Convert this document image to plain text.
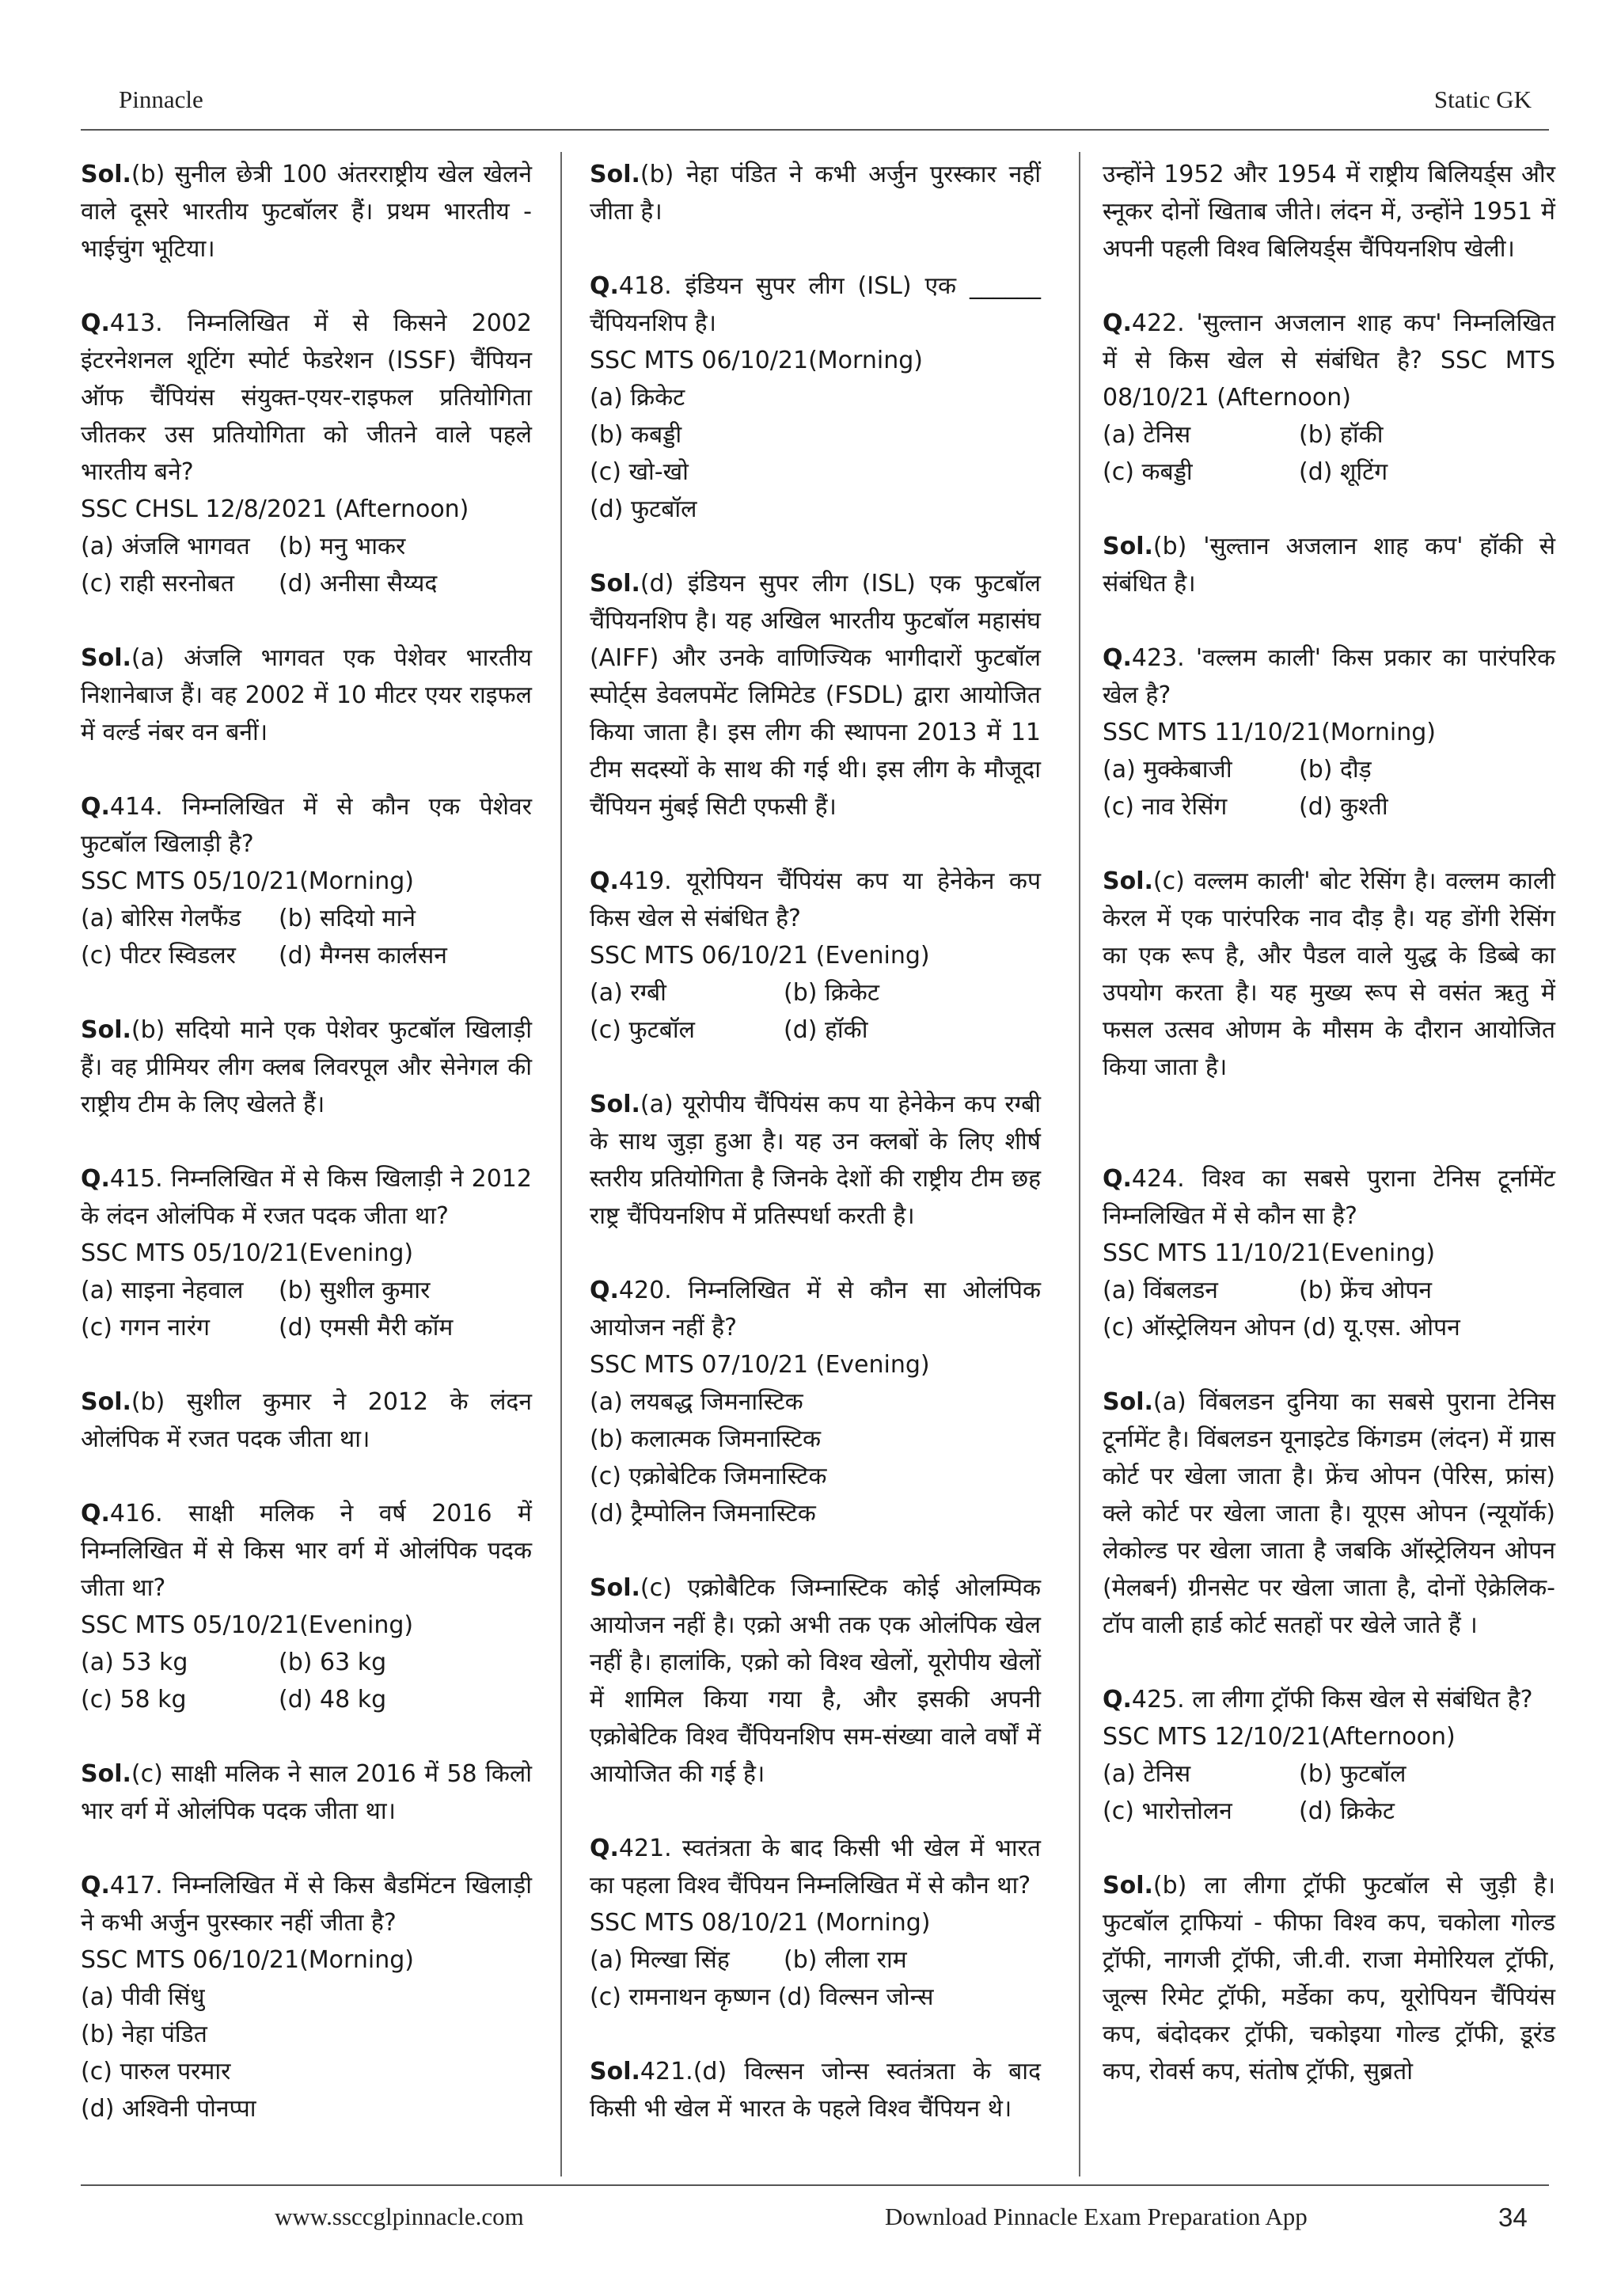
Pinnacle	Static GK
Sol.(b) सुनील छेत्री 100 अंतरराष्ट्रीय खेल खेलने वाले दूसरे भारतीय फुटबॉलर हैं। प्रथम भारतीय - भाईचुंग भूटिया।
Q.413. निम्नलिखित में से किसने 2002 इंटरनेशनल शूटिंग स्पोर्ट फेडरेशन (ISSF) चैंपियन ऑफ चैंपियंस संयुक्त-एयर-राइफल प्रतियोगिता जीतकर उस प्रतियोगिता को जीतने वाले पहले भारतीय बने?
SSC CHSL 12/8/2021 (Afternoon)
(a) अंजलि भागवत	(b) मनु भाकर
(c) राही सरनोबत	(d) अनीसा सैय्यद
Sol.(a) अंजलि भागवत एक पेशेवर भारतीय निशानेबाज हैं। वह 2002 में 10 मीटर एयर राइफल में वर्ल्ड नंबर वन बनीं।
Q.414. निम्नलिखित में से कौन एक पेशेवर फुटबॉल खिलाड़ी है?
SSC MTS 05/10/21(Morning)
(a) बोरिस गेलफैंड	(b) सदियो माने
(c) पीटर स्विडलर	(d) मैग्नस कार्लसन
Sol.(b) सदियो माने एक पेशेवर फुटबॉल खिलाड़ी हैं। वह प्रीमियर लीग क्लब लिवरपूल और सेनेगल की राष्ट्रीय टीम के लिए खेलते हैं।
Q.415. निम्नलिखित में से किस खिलाड़ी ने 2012 के लंदन ओलंपिक में रजत पदक जीता था?
SSC MTS 05/10/21(Evening)
(a) साइना नेहवाल	(b) सुशील कुमार
(c) गगन नारंग	(d) एमसी मैरी कॉम
Sol.(b) सुशील कुमार ने 2012 के लंदन ओलंपिक में रजत पदक जीता था।
Q.416. साक्षी मलिक ने वर्ष 2016 में निम्नलिखित में से किस भार वर्ग में ओलंपिक पदक जीता था?
SSC MTS 05/10/21(Evening)
(a) 53 kg	(b) 63 kg
(c) 58 kg	(d) 48 kg
Sol.(c) साक्षी मलिक ने साल 2016 में 58 किलो भार वर्ग में ओलंपिक पदक जीता था।
Q.417. निम्नलिखित में से किस बैडमिंटन खिलाड़ी ने कभी अर्जुन पुरस्कार नहीं जीता है?
SSC MTS 06/10/21(Morning)
(a) पीवी सिंधु
(b) नेहा पंडित
(c) पारुल परमार
(d) अश्विनी पोनप्पा
Sol.(b) नेहा पंडित ने कभी अर्जुन पुरस्कार नहीं जीता है।
Q.418. इंडियन सुपर लीग (ISL) एक ______ चैंपियनशिप है।
SSC MTS 06/10/21(Morning)
(a) क्रिकेट
(b) कबड्डी
(c) खो-खो
(d) फुटबॉल
Sol.(d) इंडियन सुपर लीग (ISL) एक फुटबॉल चैंपियनशिप है। यह अखिल भारतीय फुटबॉल महासंघ (AIFF) और उनके वाणिज्यिक भागीदारों फुटबॉल स्पोर्ट्स डेवलपमेंट लिमिटेड (FSDL) द्वारा आयोजित किया जाता है। इस लीग की स्थापना 2013 में 11 टीम सदस्यों के साथ की गई थी। इस लीग के मौजूदा चैंपियन मुंबई सिटी एफसी हैं।
Q.419. यूरोपियन चैंपियंस कप या हेनेकेन कप किस खेल से संबंधित है?
SSC MTS 06/10/21 (Evening)
(a) रग्बी	(b) क्रिकेट
(c) फुटबॉल	(d) हॉकी
Sol.(a) यूरोपीय चैंपियंस कप या हेनेकेन कप रग्बी के साथ जुड़ा हुआ है। यह उन क्लबों के लिए शीर्ष स्तरीय प्रतियोगिता है जिनके देशों की राष्ट्रीय टीम छह राष्ट्र चैंपियनशिप में प्रतिस्पर्धा करती है।
Q.420. निम्नलिखित में से कौन सा ओलंपिक आयोजन नहीं है?
SSC MTS 07/10/21 (Evening)
(a) लयबद्ध जिमनास्टिक
(b) कलात्मक जिमनास्टिक
(c) एक्रोबेटिक जिमनास्टिक
(d) ट्रैम्पोलिन जिमनास्टिक
Sol.(c) एक्रोबैटिक जिम्नास्टिक कोई ओलम्पिक आयोजन नहीं है। एक्रो अभी तक एक ओलंपिक खेल नहीं है। हालांकि, एक्रो को विश्व खेलों, यूरोपीय खेलों में शामिल किया गया है, और इसकी अपनी एक्रोबेटिक विश्व चैंपियनशिप सम-संख्या वाले वर्षों में आयोजित की गई है।
Q.421. स्वतंत्रता के बाद किसी भी खेल में भारत का पहला विश्व चैंपियन निम्नलिखित में से कौन था?
SSC MTS 08/10/21 (Morning)
(a) मिल्खा सिंह	(b) लीला राम
(c) रामनाथन कृष्णन
(d) विल्सन जोन्स
Sol.421.(d) विल्सन जोन्स स्वतंत्रता के बाद किसी भी खेल में भारत के पहले विश्व चैंपियन थे।
उन्होंने 1952 और 1954 में राष्ट्रीय बिलियर्ड्स और स्नूकर दोनों खिताब जीते। लंदन में, उन्होंने 1951 में अपनी पहली विश्व बिलियर्ड्स चैंपियनशिप खेली।
Q.422. 'सुल्तान अजलान शाह कप' निम्नलिखित में से किस खेल से संबंधित है? SSC MTS 08/10/21 (Afternoon)
(a) टेनिस	(b) हॉकी
(c) कबड्डी	(d) शूटिंग
Sol.(b) 'सुल्तान अजलान शाह कप' हॉकी से संबंधित है।
Q.423. 'वल्लम काली' किस प्रकार का पारंपरिक खेल है?
SSC MTS 11/10/21(Morning)
(a) मुक्केबाजी	(b) दौड़
(c) नाव रेसिंग	(d) कुश्ती
Sol.(c) वल्लम काली' बोट रेसिंग है। वल्लम काली केरल में एक पारंपरिक नाव दौड़ है। यह डोंगी रेसिंग का एक रूप है, और पैडल वाले युद्ध के डिब्बे का उपयोग करता है। यह मुख्य रूप से वसंत ऋतु में फसल उत्सव ओणम के मौसम के दौरान आयोजित किया जाता है।
Q.424. विश्व का सबसे पुराना टेनिस टूर्नामेंट निम्नलिखित में से कौन सा है?
SSC MTS 11/10/21(Evening)
(a) विंबलडन	(b) फ्रेंच ओपन
(c) ऑस्ट्रेलियन ओपन (d) यू.एस. ओपन
Sol.(a) विंबलडन दुनिया का सबसे पुराना टेनिस टूर्नामेंट है। विंबलडन यूनाइटेड किंगडम (लंदन) में ग्रास कोर्ट पर खेला जाता है। फ्रेंच ओपन (पेरिस, फ्रांस) क्ले कोर्ट पर खेला जाता है। यूएस ओपन (न्यूयॉर्क) लेकोल्ड पर खेला जाता है जबकि ऑस्ट्रेलियन ओपन (मेलबर्न) ग्रीनसेट पर खेला जाता है, दोनों ऐक्रेलिक-टॉप वाली हार्ड कोर्ट सतहों पर खेले जाते हैं ।
Q.425. ला लीगा ट्रॉफी किस खेल से संबंधित है?
SSC MTS 12/10/21(Afternoon)
(a) टेनिस	(b) फुटबॉल
(c) भारोत्तोलन	(d) क्रिकेट
Sol.(b) ला लीगा ट्रॉफी फुटबॉल से जुड़ी है। फुटबॉल ट्राफियां - फीफा विश्व कप, चकोला गोल्ड ट्रॉफी, नागजी ट्रॉफी, जी.वी. राजा मेमोरियल ट्रॉफी, जूल्स रिमेट ट्रॉफी, मर्डेका कप, यूरोपियन चैंपियंस कप, बंदोदकर ट्रॉफी, चकोइया गोल्ड ट्रॉफी, डूरंड कप, रोवर्स कप, संतोष ट्रॉफी, सुब्रतो
www.ssccglpinnacle.com	Download Pinnacle Exam Preparation App	34
